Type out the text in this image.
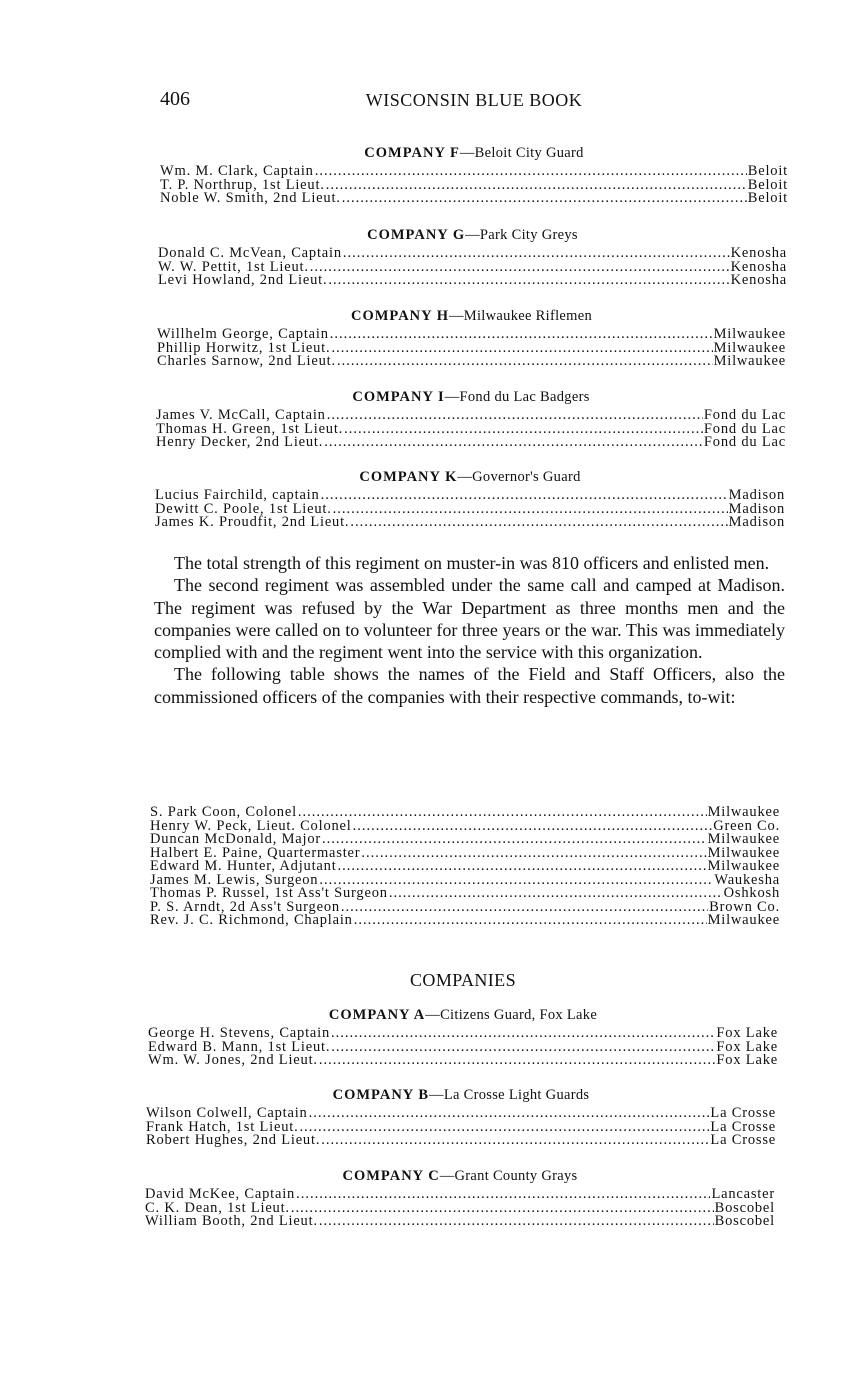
406	WISCONSIN BLUE BOOK
COMPANY F—Beloit City Guard
Wm. M. Clark, Captain .....	Beloit
T. P. Northrup, 1st Lieut. .....	Beloit
Noble W. Smith, 2nd Lieut. .....	Beloit
COMPANY G—Park City Greys
Donald C. McVean, Captain .....	Kenosha
W. W. Pettit, 1st Lieut. .....	Kenosha
Levi Howland, 2nd Lieut. .....	Kenosha
COMPANY H—Milwaukee Riflemen
Willhelm George, Captain .....	Milwaukee
Phillip Horwitz, 1st Lieut. .....	Milwaukee
Charles Sarnow, 2nd Lieut. .....	Milwaukee
COMPANY I—Fond du Lac Badgers
James V. McCall, Captain .....	Fond du Lac
Thomas H. Green, 1st Lieut. .....	Fond du Lac
Henry Decker, 2nd Lieut. .....	Fond du Lac
COMPANY K—Governor's Guard
Lucius Fairchild, captain .....	Madison
Dewitt C. Poole, 1st Lieut. .....	Madison
James K. Proudfit, 2nd Lieut. .....	Madison

The total strength of this regiment on muster-in was 810 officers and enlisted men.

The second regiment was assembled under the same call and camped at Madison. The regiment was refused by the War Department as three months men and the companies were called on to volunteer for three years or the war. This was immediately complied with and the regiment went into the service with this organization.

The following table shows the names of the Field and Staff Officers, also the commissioned officers of the companies with their respective commands, to-wit:

S. Park Coon, Colonel .....	Milwaukee
Henry W. Peck, Lieut. Colonel .....	Green Co.
Duncan McDonald, Major .....	Milwaukee
Halbert E. Paine, Quartermaster .....	Milwaukee
Edward M. Hunter, Adjutant .....	Milwaukee
James M. Lewis, Surgeon .....	Waukesha
Thomas P. Russel, 1st Ass't Surgeon .....	Oshkosh
P. S. Arndt, 2d Ass't Surgeon .....	Brown Co.
Rev. J. C. Richmond, Chaplain .....	Milwaukee
COMPANIES
COMPANY A—Citizens Guard, Fox Lake
George H. Stevens, Captain .....	Fox Lake
Edward B. Mann, 1st Lieut. .....	Fox Lake
Wm. W. Jones, 2nd Lieut. .....	Fox Lake
COMPANY B—La Crosse Light Guards
Wilson Colwell, Captain .....	La Crosse
Frank Hatch, 1st Lieut. .....	La Crosse
Robert Hughes, 2nd Lieut. .....	La Crosse
COMPANY C—Grant County Grays
David McKee, Captain .....	Lancaster
C. K. Dean, 1st Lieut. .....	Boscobel
William Booth, 2nd Lieut. .....	Boscobel
